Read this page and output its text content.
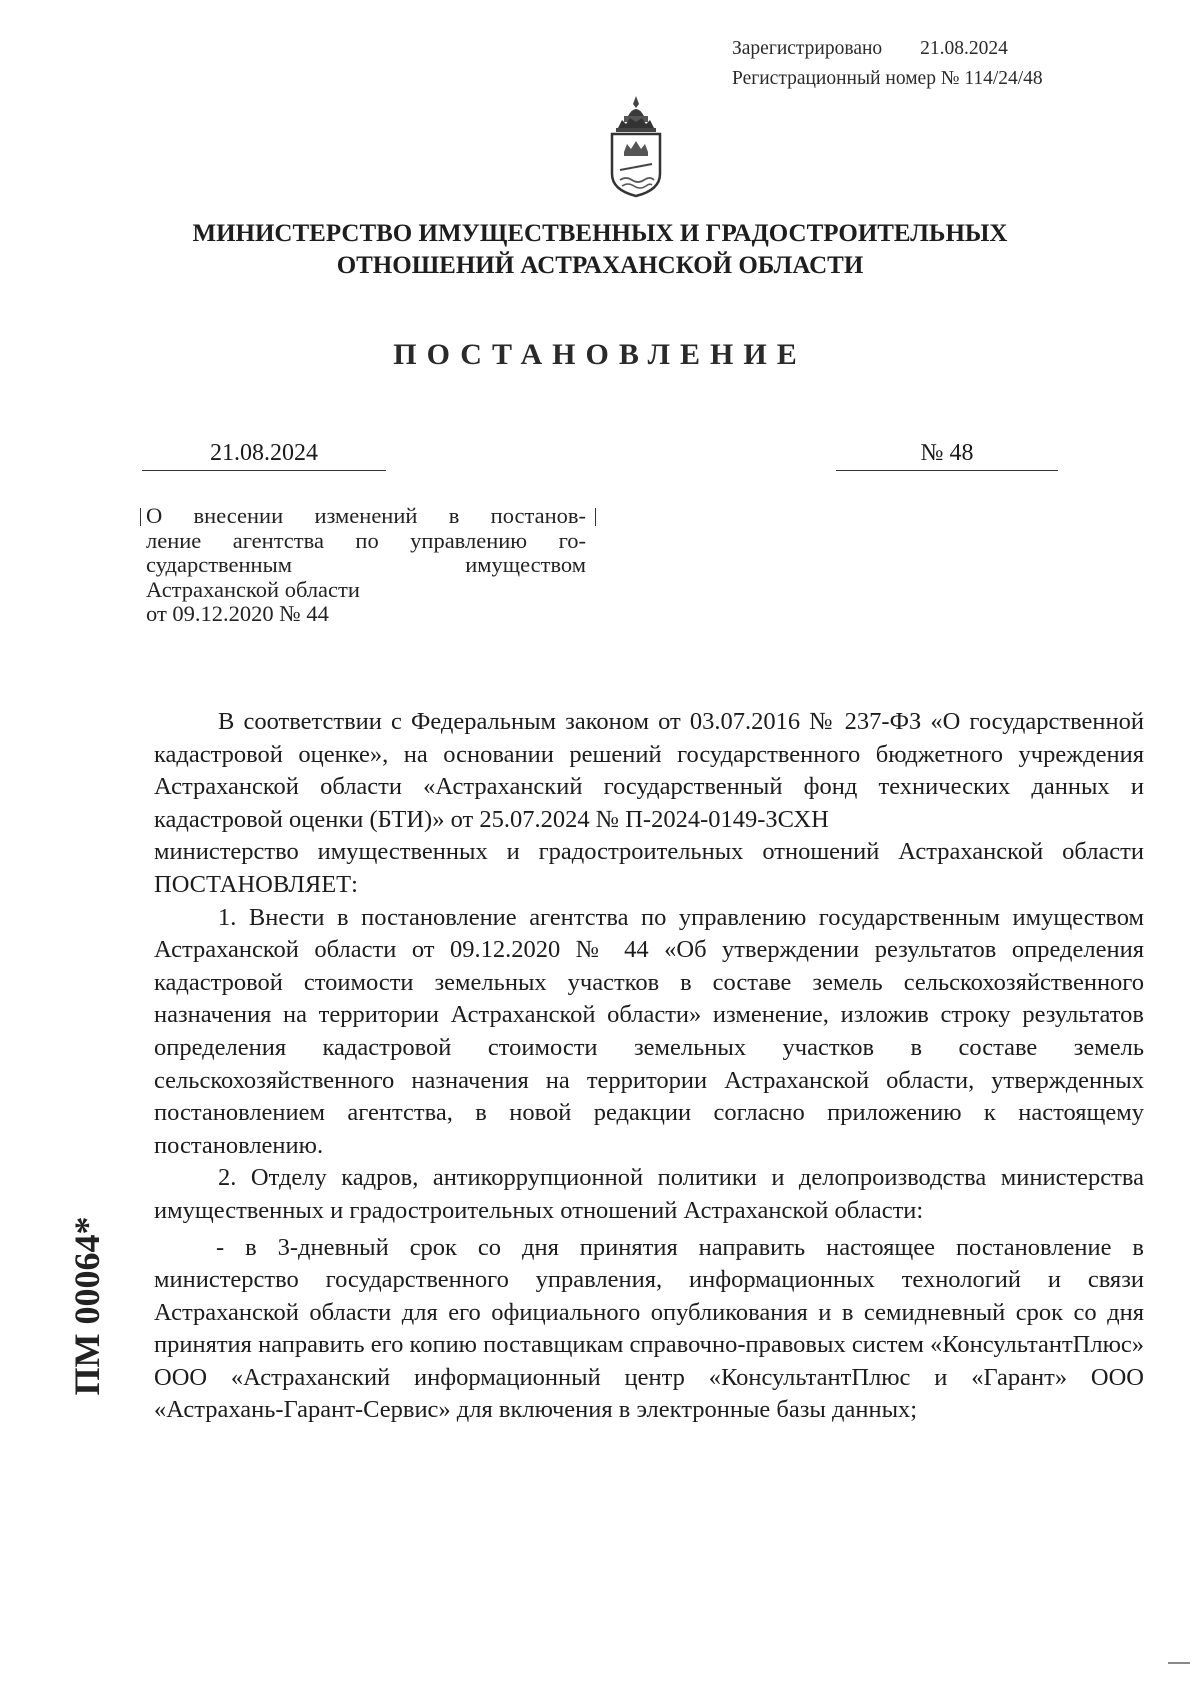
Зарегистрировано 21.08.2024
Регистрационный номер № 114/24/48
МИНИСТЕРСТВО ИМУЩЕСТВЕННЫХ И ГРАДОСТРОИТЕЛЬНЫХ
ОТНОШЕНИЙ АСТРАХАНСКОЙ ОБЛАСТИ
ПОСТАНОВЛЕНИЕ
21.08.2024	№ 48
О внесении изменений в постанов-
ление агентства по управлению го-
сударственным имуществом
Астраханской области
от 09.12.2020 № 44

В соответствии с Федеральным законом от 03.07.2016 № 237-ФЗ «О государственной кадастровой оценке», на основании решений государственного бюджетного учреждения Астраханской области «Астраханский государственный фонд технических данных и кадастровой оценки (БТИ)» от 25.07.2024 № П-2024-0149-ЗСХН

министерство имущественных и градостроительных отношений Астраханской области ПОСТАНОВЛЯЕТ:

1. Внести в постановление агентства по управлению государственным имуществом Астраханской области от 09.12.2020 № 44 «Об утверждении результатов определения кадастровой стоимости земельных участков в составе земель сельскохозяйственного назначения на территории Астраханской области» изменение, изложив строку результатов определения кадастровой стоимости земельных участков в составе земель сельскохозяйственного назначения на территории Астраханской области, утвержденных постановлением агентства, в новой редакции согласно приложению к настоящему постановлению.

2. Отделу кадров, антикоррупционной политики и делопроизводства министерства имущественных и градостроительных отношений Астраханской области:

- в 3-дневный срок со дня принятия направить настоящее постановление в министерство государственного управления, информационных технологий и связи Астраханской области для его официального опубликования и в семидневный срок со дня принятия направить его копию поставщикам справочно-правовых систем «КонсультантПлюс» ООО «Астраханский информационный центр «КонсультантПлюс и «Гарант» ООО «Астрахань-Гарант-Сервис» для включения в электронные базы данных;

ПМ 00064*
